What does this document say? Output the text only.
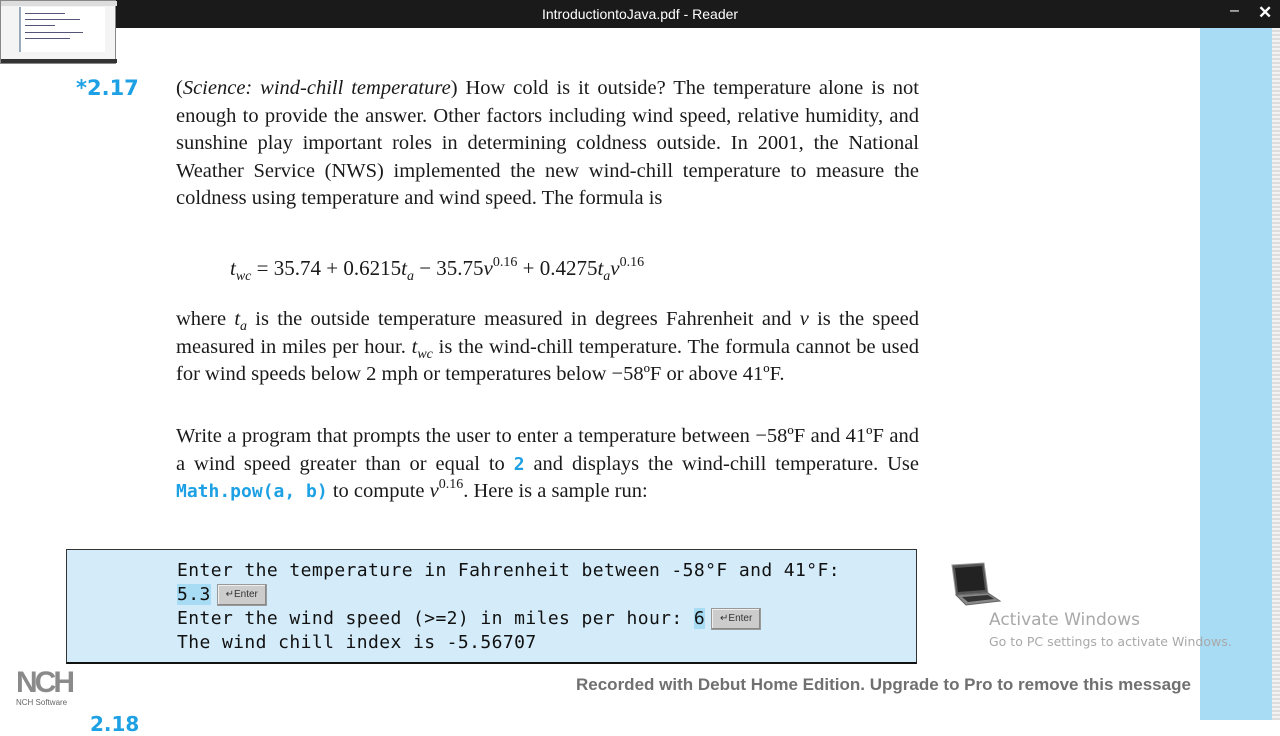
IntroductiontoJava.pdf - Reader	– ✕
*2.17 (Science: wind-chill temperature) How cold is it outside? The temperature alone is not enough to provide the answer. Other factors including wind speed, relative humidity, and sunshine play important roles in determining coldness outside. In 2001, the National Weather Service (NWS) implemented the new wind-chill temperature to measure the coldness using temperature and wind speed. The formula is
$t_{wc} = 35.74 + 0.6215t_a - 35.75v^{0.16} + 0.4275t_av^{0.16}$
where $t_a$ is the outside temperature measured in degrees Fahrenheit and v is the speed measured in miles per hour. $t_{wc}$ is the wind-chill temperature. The formula cannot be used for wind speeds below 2 mph or temperatures below −58ºF or above 41ºF.
Write a program that prompts the user to enter a temperature between −58ºF and 41ºF and a wind speed greater than or equal to 2 and displays the wind-chill temperature. Use Math.pow(a, b) to compute $v^{0.16}$. Here is a sample run:
Enter the temperature in Fahrenheit between -58°F and 41°F:
5.3 ↵Enter
Enter the wind speed (>=2) in miles per hour: 6 ↵Enter
The wind chill index is -5.56707
Activate Windows
Go to PC settings to activate Windows.
NCH
NCH Software
Recorded with Debut Home Edition. Upgrade to Pro to remove this message
2.18
